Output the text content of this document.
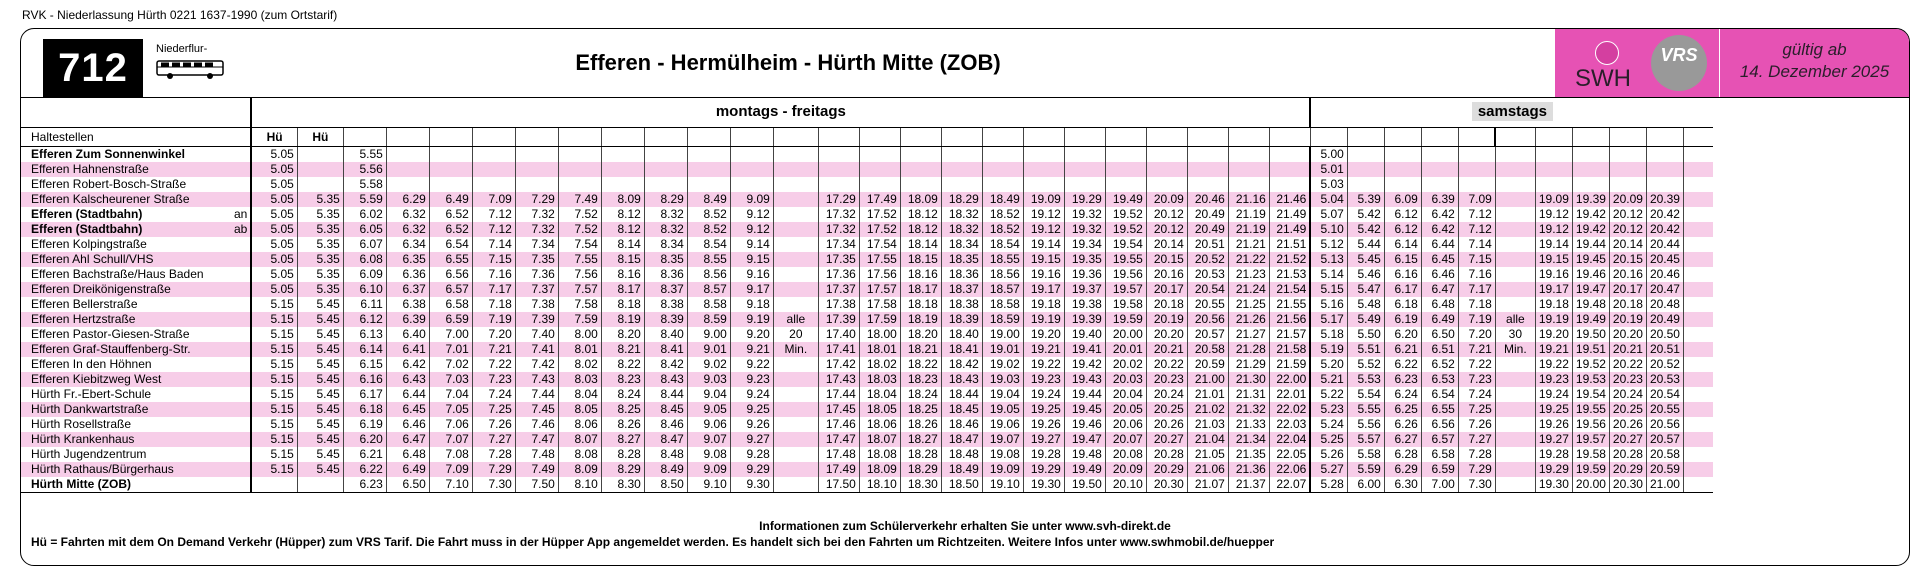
RVK - Niederlassung Hürth 0221 1637-1990 (zum Ortstarif)
712	Niederflur-
Efferen - Hermülheim - Hürth Mitte (ZOB)
SWH
VRS	gültig ab
14. Dezember 2025
		montags - freitags																									samstags										
Haltestellen		Hü	Hü																																		
Efferen Zum Sonnenwinkel		5.05		5.55																							5.00										
Efferen Hahnenstraße		5.05		5.56																							5.01										
Efferen Robert-Bosch-Straße		5.05		5.58																							5.03										
Efferen Kalscheurener Straße		5.05	5.35	5.59	6.29	6.49	7.09	7.29	7.49	8.09	8.29	8.49	9.09		17.29	17.49	18.09	18.29	18.49	19.09	19.29	19.49	20.09	20.46	21.16	21.46	5.04	5.39	6.09	6.39	7.09		19.09	19.39	20.09	20.39	
Efferen (Stadtbahn)	an	5.05	5.35	6.02	6.32	6.52	7.12	7.32	7.52	8.12	8.32	8.52	9.12		17.32	17.52	18.12	18.32	18.52	19.12	19.32	19.52	20.12	20.49	21.19	21.49	5.07	5.42	6.12	6.42	7.12		19.12	19.42	20.12	20.42	
Efferen (Stadtbahn)	ab	5.05	5.35	6.05	6.32	6.52	7.12	7.32	7.52	8.12	8.32	8.52	9.12		17.32	17.52	18.12	18.32	18.52	19.12	19.32	19.52	20.12	20.49	21.19	21.49	5.10	5.42	6.12	6.42	7.12		19.12	19.42	20.12	20.42	
Efferen Kolpingstraße		5.05	5.35	6.07	6.34	6.54	7.14	7.34	7.54	8.14	8.34	8.54	9.14		17.34	17.54	18.14	18.34	18.54	19.14	19.34	19.54	20.14	20.51	21.21	21.51	5.12	5.44	6.14	6.44	7.14		19.14	19.44	20.14	20.44	
Efferen Ahl Schull/VHS		5.05	5.35	6.08	6.35	6.55	7.15	7.35	7.55	8.15	8.35	8.55	9.15		17.35	17.55	18.15	18.35	18.55	19.15	19.35	19.55	20.15	20.52	21.22	21.52	5.13	5.45	6.15	6.45	7.15		19.15	19.45	20.15	20.45	
Efferen Bachstraße/Haus Baden		5.05	5.35	6.09	6.36	6.56	7.16	7.36	7.56	8.16	8.36	8.56	9.16		17.36	17.56	18.16	18.36	18.56	19.16	19.36	19.56	20.16	20.53	21.23	21.53	5.14	5.46	6.16	6.46	7.16		19.16	19.46	20.16	20.46	
Efferen Dreikönigenstraße		5.05	5.35	6.10	6.37	6.57	7.17	7.37	7.57	8.17	8.37	8.57	9.17		17.37	17.57	18.17	18.37	18.57	19.17	19.37	19.57	20.17	20.54	21.24	21.54	5.15	5.47	6.17	6.47	7.17		19.17	19.47	20.17	20.47	
Efferen Bellerstraße		5.15	5.45	6.11	6.38	6.58	7.18	7.38	7.58	8.18	8.38	8.58	9.18		17.38	17.58	18.18	18.38	18.58	19.18	19.38	19.58	20.18	20.55	21.25	21.55	5.16	5.48	6.18	6.48	7.18		19.18	19.48	20.18	20.48	
Efferen Hertzstraße		5.15	5.45	6.12	6.39	6.59	7.19	7.39	7.59	8.19	8.39	8.59	9.19	alle	17.39	17.59	18.19	18.39	18.59	19.19	19.39	19.59	20.19	20.56	21.26	21.56	5.17	5.49	6.19	6.49	7.19	alle	19.19	19.49	20.19	20.49	
Efferen Pastor-Giesen-Straße		5.15	5.45	6.13	6.40	7.00	7.20	7.40	8.00	8.20	8.40	9.00	9.20	20	17.40	18.00	18.20	18.40	19.00	19.20	19.40	20.00	20.20	20.57	21.27	21.57	5.18	5.50	6.20	6.50	7.20	30	19.20	19.50	20.20	20.50	
Efferen Graf-Stauffenberg-Str.		5.15	5.45	6.14	6.41	7.01	7.21	7.41	8.01	8.21	8.41	9.01	9.21	Min.	17.41	18.01	18.21	18.41	19.01	19.21	19.41	20.01	20.21	20.58	21.28	21.58	5.19	5.51	6.21	6.51	7.21	Min.	19.21	19.51	20.21	20.51	
Efferen In den Höhnen		5.15	5.45	6.15	6.42	7.02	7.22	7.42	8.02	8.22	8.42	9.02	9.22		17.42	18.02	18.22	18.42	19.02	19.22	19.42	20.02	20.22	20.59	21.29	21.59	5.20	5.52	6.22	6.52	7.22		19.22	19.52	20.22	20.52	
Efferen Kiebitzweg West		5.15	5.45	6.16	6.43	7.03	7.23	7.43	8.03	8.23	8.43	9.03	9.23		17.43	18.03	18.23	18.43	19.03	19.23	19.43	20.03	20.23	21.00	21.30	22.00	5.21	5.53	6.23	6.53	7.23		19.23	19.53	20.23	20.53	
Hürth Fr.-Ebert-Schule		5.15	5.45	6.17	6.44	7.04	7.24	7.44	8.04	8.24	8.44	9.04	9.24		17.44	18.04	18.24	18.44	19.04	19.24	19.44	20.04	20.24	21.01	21.31	22.01	5.22	5.54	6.24	6.54	7.24		19.24	19.54	20.24	20.54	
Hürth Dankwartstraße		5.15	5.45	6.18	6.45	7.05	7.25	7.45	8.05	8.25	8.45	9.05	9.25		17.45	18.05	18.25	18.45	19.05	19.25	19.45	20.05	20.25	21.02	21.32	22.02	5.23	5.55	6.25	6.55	7.25		19.25	19.55	20.25	20.55	
Hürth Rosellstraße		5.15	5.45	6.19	6.46	7.06	7.26	7.46	8.06	8.26	8.46	9.06	9.26		17.46	18.06	18.26	18.46	19.06	19.26	19.46	20.06	20.26	21.03	21.33	22.03	5.24	5.56	6.26	6.56	7.26		19.26	19.56	20.26	20.56	
Hürth Krankenhaus		5.15	5.45	6.20	6.47	7.07	7.27	7.47	8.07	8.27	8.47	9.07	9.27		17.47	18.07	18.27	18.47	19.07	19.27	19.47	20.07	20.27	21.04	21.34	22.04	5.25	5.57	6.27	6.57	7.27		19.27	19.57	20.27	20.57	
Hürth Jugendzentrum		5.15	5.45	6.21	6.48	7.08	7.28	7.48	8.08	8.28	8.48	9.08	9.28		17.48	18.08	18.28	18.48	19.08	19.28	19.48	20.08	20.28	21.05	21.35	22.05	5.26	5.58	6.28	6.58	7.28		19.28	19.58	20.28	20.58	
Hürth Rathaus/Bürgerhaus		5.15	5.45	6.22	6.49	7.09	7.29	7.49	8.09	8.29	8.49	9.09	9.29		17.49	18.09	18.29	18.49	19.09	19.29	19.49	20.09	20.29	21.06	21.36	22.06	5.27	5.59	6.29	6.59	7.29		19.29	19.59	20.29	20.59	
Hürth Mitte (ZOB)				6.23	6.50	7.10	7.30	7.50	8.10	8.30	8.50	9.10	9.30		17.50	18.10	18.30	18.50	19.10	19.30	19.50	20.10	20.30	21.07	21.37	22.07	5.28	6.00	6.30	7.00	7.30		19.30	20.00	20.30	21.00	
Informationen zum Schülerverkehr erhalten Sie unter www.svh-direkt.de
Hü = Fahrten mit dem On Demand Verkehr (Hüpper) zum VRS Tarif. Die Fahrt muss in der Hüpper App angemeldet werden. Es handelt sich bei den Fahrten um Richtzeiten. Weitere Infos unter www.swhmobil.de/huepper
